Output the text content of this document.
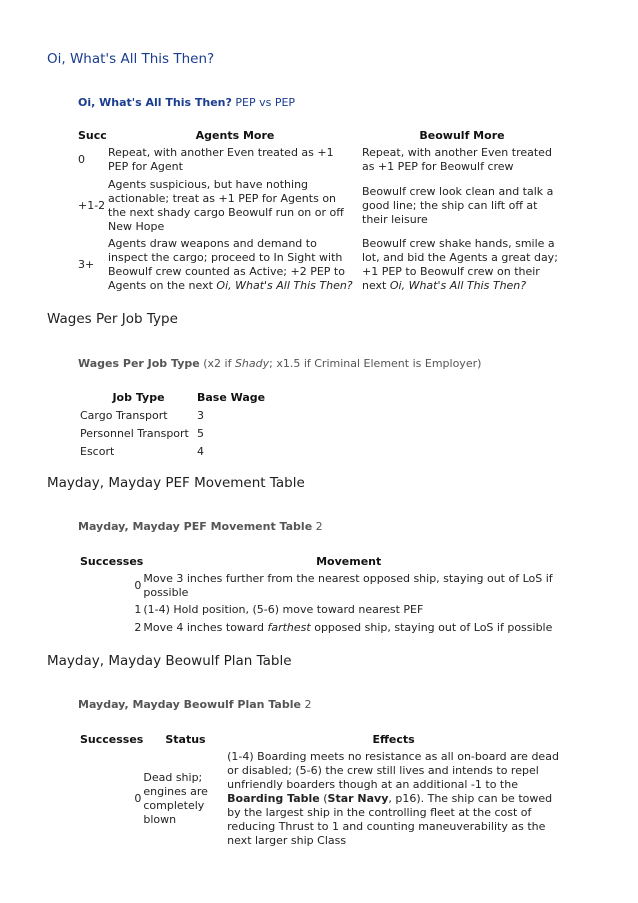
Oi, What's All This Then?
Oi, What's All This Then? PEP vs PEP
Succ	Agents More	Beowulf More
0	Repeat, with another Even treated as +1 PEP for Agent	Repeat, with another Even treated as +1 PEP for Beowulf crew
+1-2	Agents suspicious, but have nothing actionable; treat as +1 PEP for Agents on the next shady cargo Beowulf run on or off New Hope	Beowulf crew look clean and talk a good line; the ship can lift off at their leisure
3+	Agents draw weapons and demand to inspect the cargo; proceed to In Sight with Beowulf crew counted as Active; +2 PEP to Agents on the next Oi, What's All This Then?	Beowulf crew shake hands, smile a lot, and bid the Agents a great day; +1 PEP to Beowulf crew on their next Oi, What's All This Then?
Wages Per Job Type
Wages Per Job Type (x2 if Shady; x1.5 if Criminal Element is Employer)
Job Type	Base Wage
Cargo Transport	3
Personnel Transport	5
Escort	4
Mayday, Mayday PEF Movement Table
Mayday, Mayday PEF Movement Table 2
Successes	Movement
0	Move 3 inches further from the nearest opposed ship, staying out of LoS if possible
1	(1-4) Hold position, (5-6) move toward nearest PEF
2	Move 4 inches toward farthest opposed ship, staying out of LoS if possible
Mayday, Mayday Beowulf Plan Table
Mayday, Mayday Beowulf Plan Table 2
Successes	Status	Effects
0	Dead ship; engines are completely blown	(1-4) Boarding meets no resistance as all on-board are dead or disabled; (5-6) the crew still lives and intends to repel unfriendly boarders though at an additional -1 to the Boarding Table (Star Navy, p16). The ship can be towed by the largest ship in the controlling fleet at the cost of reducing Thrust to 1 and counting maneuverability as the next larger ship Class
